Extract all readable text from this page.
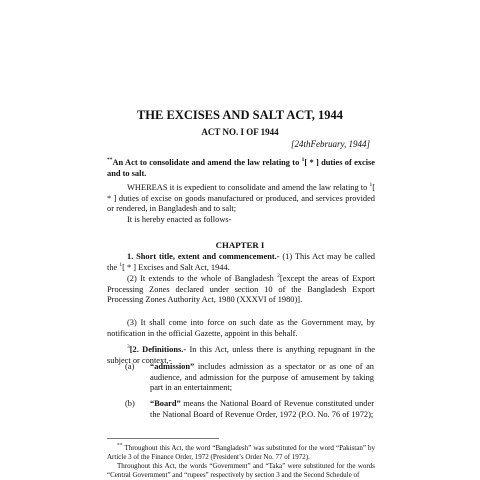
THE EXCISES AND SALT ACT, 1944
ACT NO. I OF 1944
[24thFebruary, 1944]
**An Act to consolidate and amend the law relating to $^1$[ * ] duties of excise and to salt.
WHEREAS it is expedient to consolidate and amend the law relating to $^1$[ * ] duties of excise on goods manufactured or produced, and services provided or rendered, in Bangladesh and to salt;
It is hereby enacted as follows-
CHAPTER I
1. Short title, extent and commencement.- (1) This Act may be called the $^1$[ * ] Excises and Salt Act, 1944.
(2) It extends to the whole of Bangladesh $^2$[except the areas of Export Processing Zones declared under section 10 of the Bangladesh Export Processing Zones Authority Act, 1980 (XXXVI of 1980)].
(3) It shall come into force on such date as the Government may, by notification in the official Gazette, appoint in this behalf.
$^3$[2. Definitions.- In this Act, unless there is anything repugnant in the subject or context,-
(a) “admission” includes admission as a spectator or as one of an audience, and admission for the purpose of amusement by taking part in an entertainment;
(b) “Board” means the National Board of Revenue constituted under the National Board of Revenue Order, 1972 (P.O. No. 76 of 1972);
** Throughout this Act, the word “Bangladesh” was substituted for the word “Pakistan” by Article 3 of the Finance Order, 1972 (President’s Order No. 77 of 1972).
Throughout this Act, the words “Government” and “Taka” were substituted for the words “Central Government” and “rupees” respectively by section 3 and the Second Schedule of
